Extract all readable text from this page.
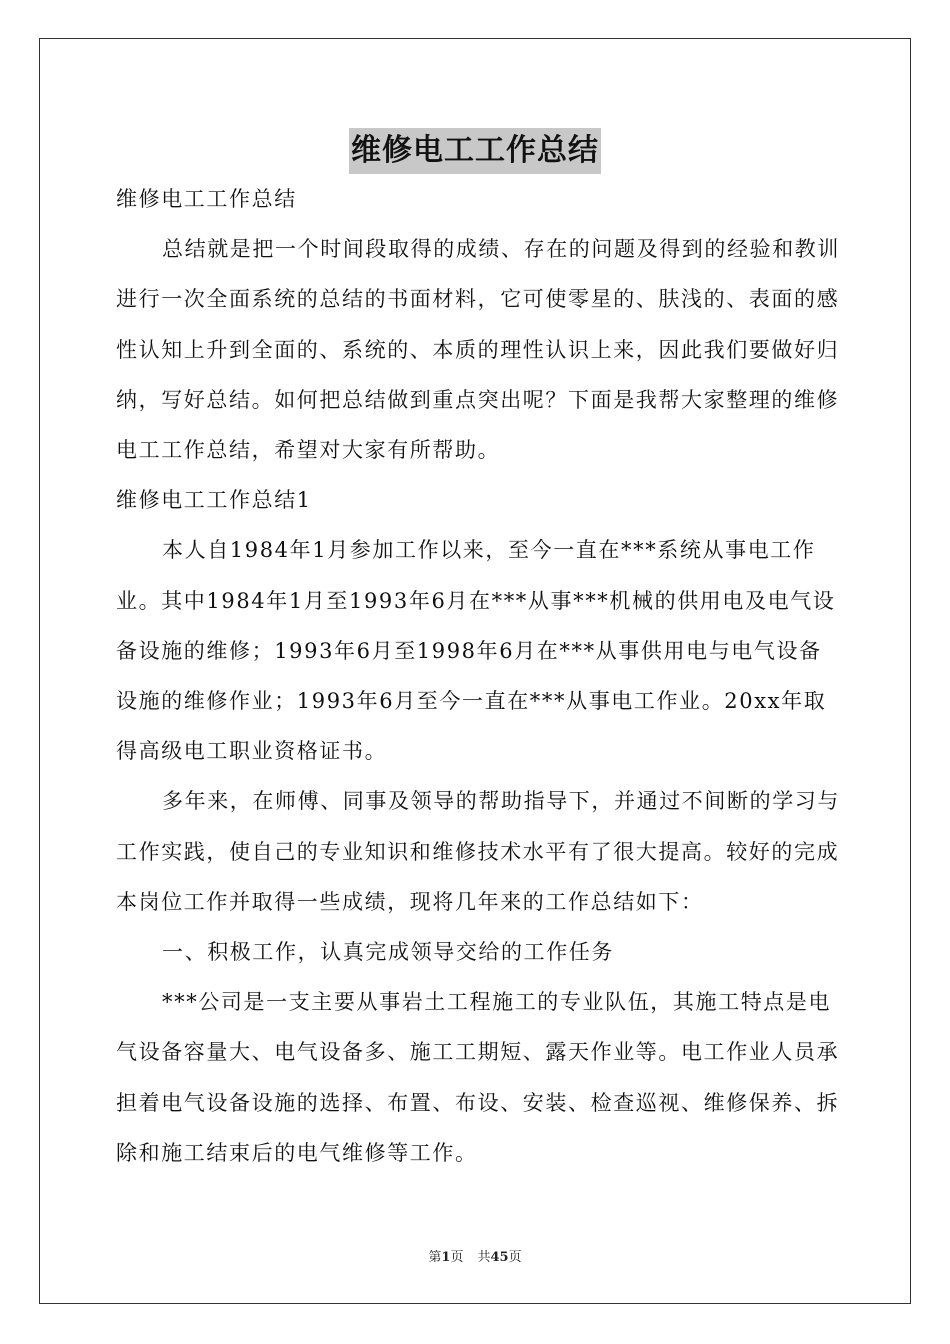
维修电工工作总结

维修电工工作总结

总结就是把一个时间段取得的成绩、存在的问题及得到的经验和教训进行一次全面系统的总结的书面材料，它可使零星的、肤浅的、表面的感性认知上升到全面的、系统的、本质的理性认识上来，因此我们要做好归纳，写好总结。如何把总结做到重点突出呢？下面是我帮大家整理的维修电工工作总结，希望对大家有所帮助。

维修电工工作总结1

本人自1984年1月参加工作以来，至今一直在***系统从事电工作业。其中1984年1月至1993年6月在***从事***机械的供用电及电气设备设施的维修；1993年6月至1998年6月在***从事供用电与电气设备设施的维修作业；1993年6月至今一直在***从事电工作业。20xx年取得高级电工职业资格证书。

多年来，在师傅、同事及领导的帮助指导下，并通过不间断的学习与工作实践，使自己的专业知识和维修技术水平有了很大提高。较好的完成本岗位工作并取得一些成绩，现将几年来的工作总结如下：

一、积极工作，认真完成领导交给的工作任务

***公司是一支主要从事岩土工程施工的专业队伍，其施工特点是电气设备容量大、电气设备多、施工工期短、露天作业等。电工作业人员承担着电气设备设施的选择、布置、布设、安装、检查巡视、维修保养、拆除和施工结束后的电气维修等工作。

第1页 共45页
